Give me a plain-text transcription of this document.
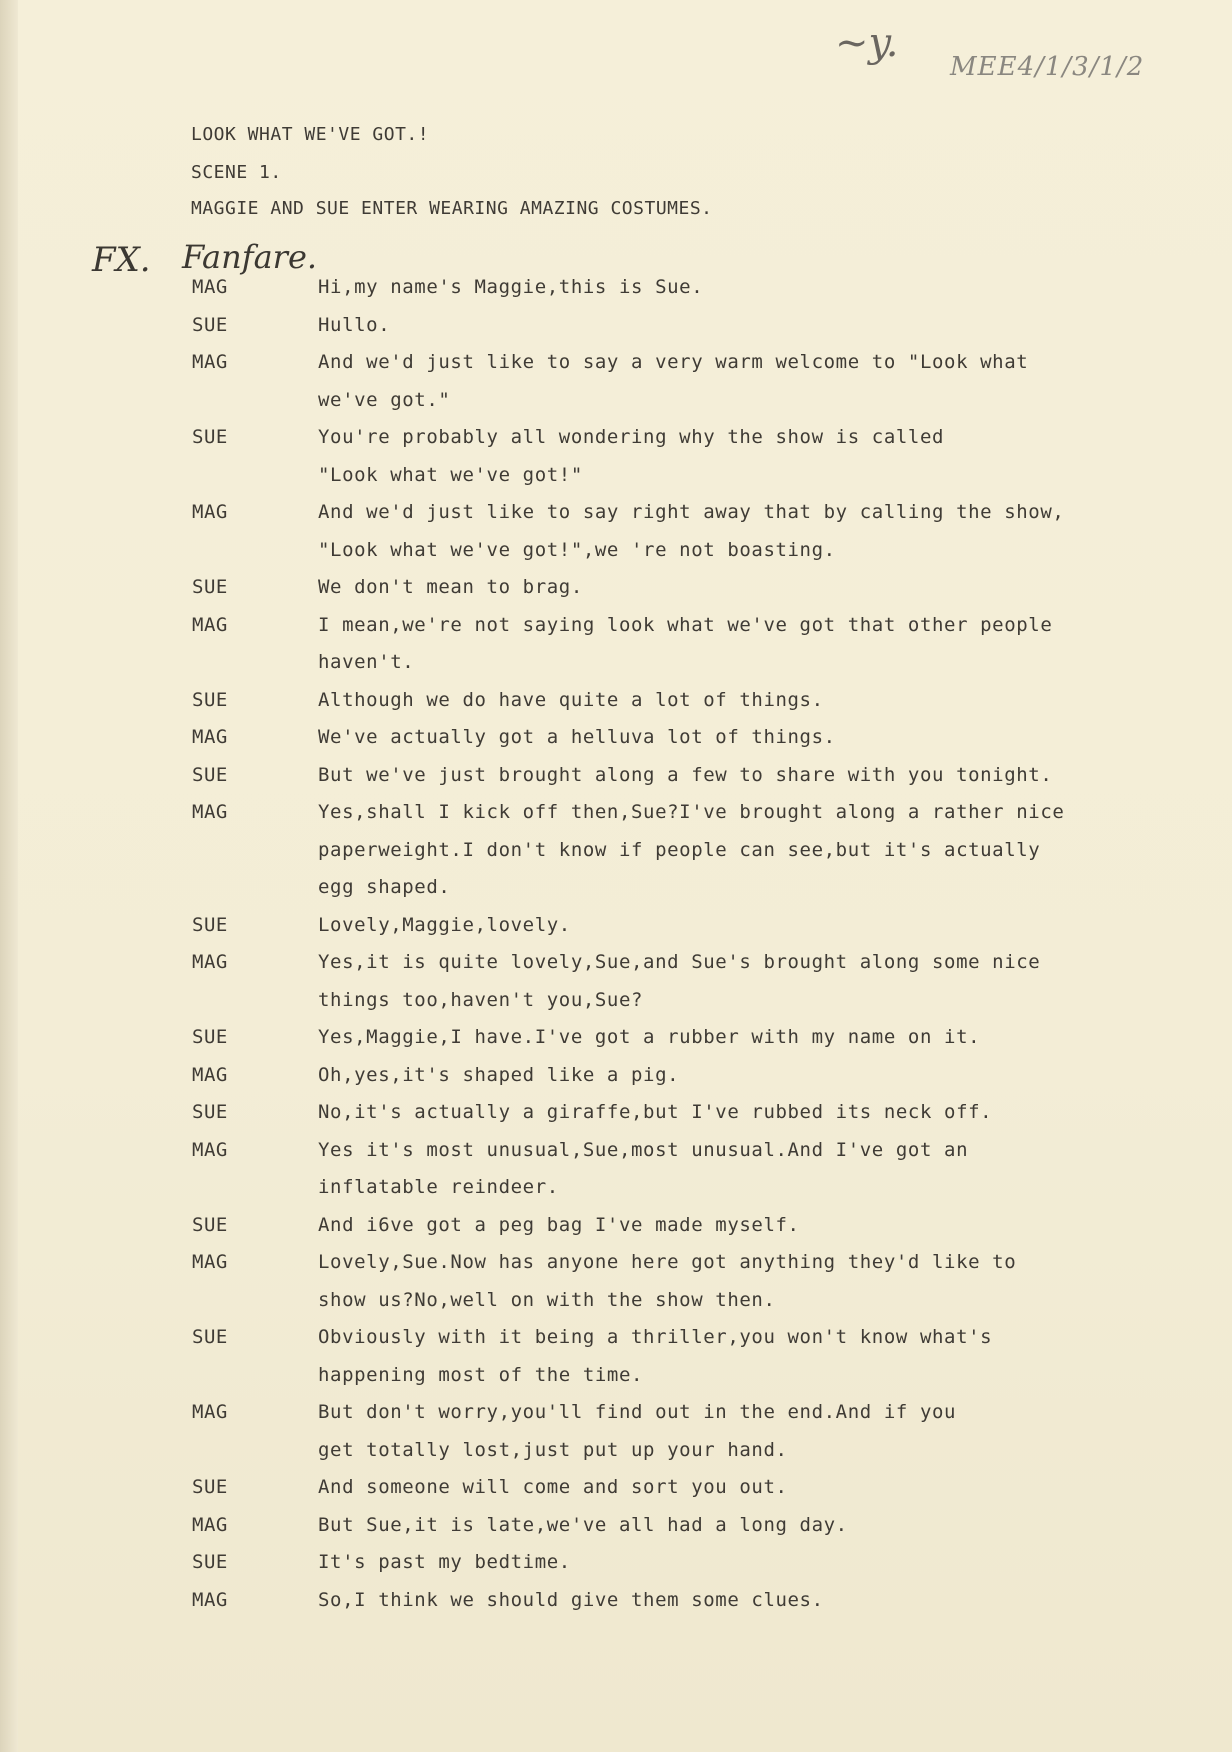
~y.
MEE4/1/3/1/2
LOOK WHAT WE'VE GOT.!
SCENE 1.
MAGGIE AND SUE ENTER WEARING AMAZING COSTUMES.
FX. Fanfare.
MAG	Hi,my name's Maggie,this is Sue.
SUE	Hullo.
MAG	And we'd just like to say a very warm welcome to "Look what
we've got."
SUE	You're probably all wondering why the show is called
"Look what we've got!"
MAG	And we'd just like to say right away that by calling the show,
"Look what we've got!",we 're not boasting.
SUE	We don't mean to brag.
MAG	I mean,we're not saying look what we've got that other people
haven't.
SUE	Although we do have quite a lot of things.
MAG	We've actually got a helluva lot of things.
SUE	But we've just brought along a few to share with you tonight.
MAG	Yes,shall I kick off then,Sue?I've brought along a rather nice
paperweight.I don't know if people can see,but it's actually
egg shaped.
SUE	Lovely,Maggie,lovely.
MAG	Yes,it is quite lovely,Sue,and Sue's brought along some nice
things too,haven't you,Sue?
SUE	Yes,Maggie,I have.I've got a rubber with my name on it.
MAG	Oh,yes,it's shaped like a pig.
SUE	No,it's actually a giraffe,but I've rubbed its neck off.
MAG	Yes it's most unusual,Sue,most unusual.And I've got an
inflatable reindeer.
SUE	And i6ve got a peg bag I've made myself.
MAG	Lovely,Sue.Now has anyone here got anything they'd like to
show us?No,well on with the show then.
SUE	Obviously with it being a thriller,you won't know what's
happening most of the time.
MAG	But don't worry,you'll find out in the end.And if you
get totally lost,just put up your hand.
SUE	And someone will come and sort you out.
MAG	But Sue,it is late,we've all had a long day.
SUE	It's past my bedtime.
MAG	So,I think we should give them some clues.
